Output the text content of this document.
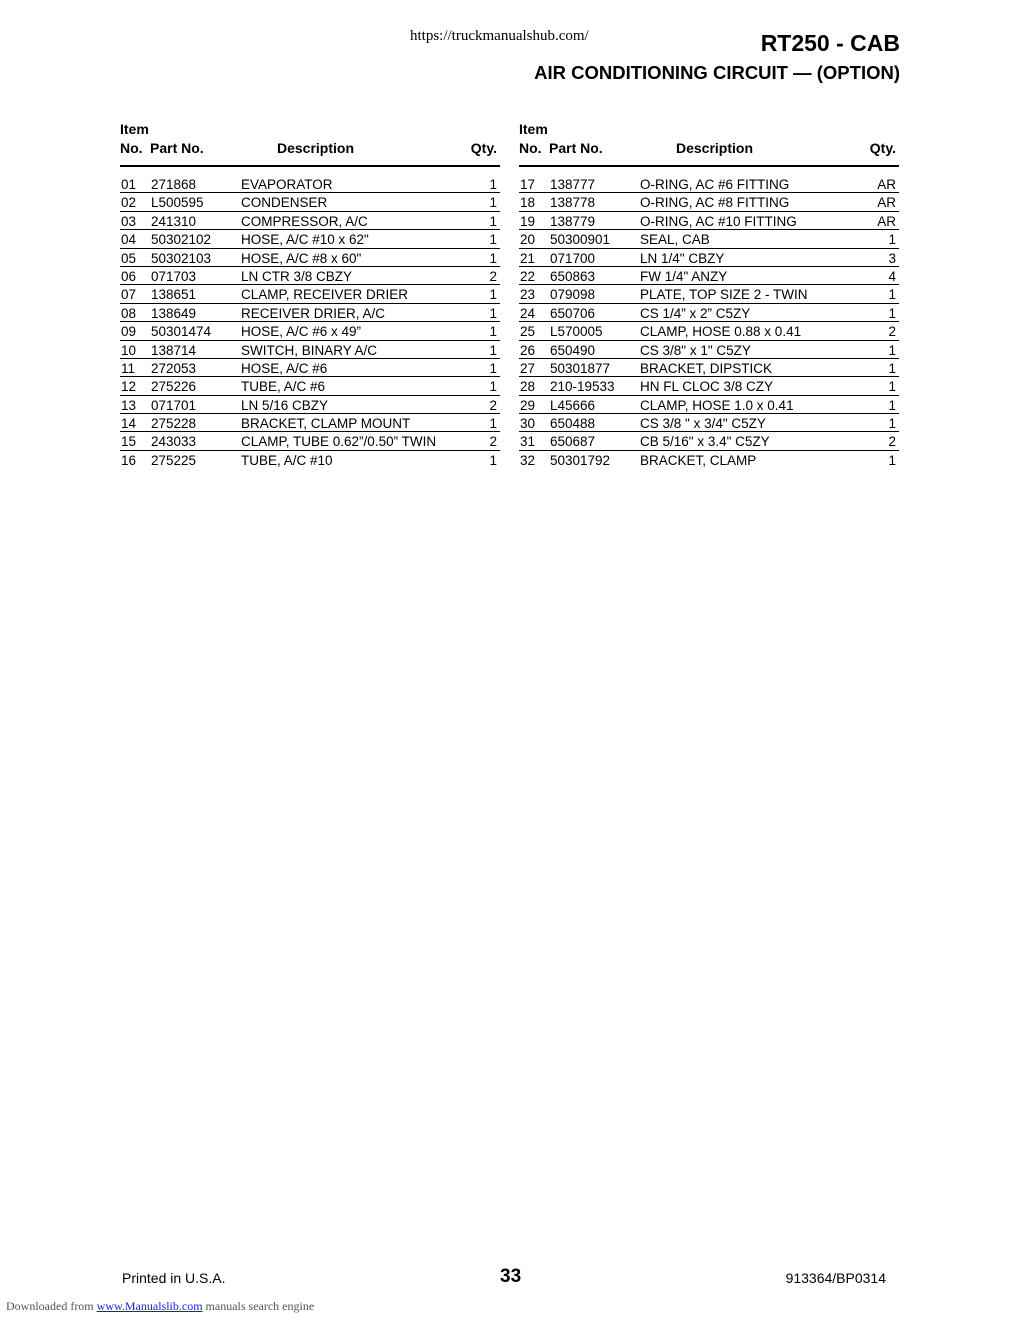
https://truckmanualshub.com/	RT250 - CAB
AIR CONDITIONING CIRCUIT — (OPTION)
Item
No. Part No.	Description	Qty.
01 271868	EVAPORATOR	1
02 L500595	CONDENSER	1
03 241310	COMPRESSOR, A/C	1
04 50302102 HOSE, A/C #10 x 62"	1
05 50302103 HOSE, A/C #8 x 60"	1
06 071703	LN CTR 3/8 CBZY	2
07 138651	CLAMP, RECEIVER DRIER	1
08 138649	RECEIVER DRIER, A/C	1
09 50301474 HOSE, A/C #6 x 49”	1
10 138714	SWITCH, BINARY A/C	1
11 272053	HOSE, A/C #6	1
12 275226	TUBE, A/C #6	1
13 071701	LN 5/16 CBZY	2
14 275228	BRACKET, CLAMP MOUNT	1
15 243033	CLAMP, TUBE 0.62”/0.50” TWIN	2
16 275225	TUBE, A/C #10	1
Item
No. Part No.	Description	Qty.
17 138777	O-RING, AC #6 FITTING	AR
18 138778	O-RING, AC #8 FITTING	AR
19 138779	O-RING, AC #10 FITTING	AR
20 50300901 SEAL, CAB	1
21 071700	LN 1/4" CBZY	3
22 650863	FW 1/4" ANZY	4
23 079098	PLATE, TOP SIZE 2 - TWIN	1
24 650706	CS 1/4” x 2” C5ZY	1
25 L570005	CLAMP, HOSE 0.88 x 0.41	2
26 650490	CS 3/8" x 1" C5ZY	1
27 50301877 BRACKET, DIPSTICK	1
28 210-19533 HN FL CLOC 3/8 CZY	1
29 L45666	CLAMP, HOSE 1.0 x 0.41	1
30 650488	CS 3/8 " x 3/4" C5ZY	1
31 650687	CB 5/16" x 3.4" C5ZY	2
32 50301792 BRACKET, CLAMP	1
Printed in U.S.A.	33	913364/BP0314
Downloaded from www.Manualslib.com manuals search engine
